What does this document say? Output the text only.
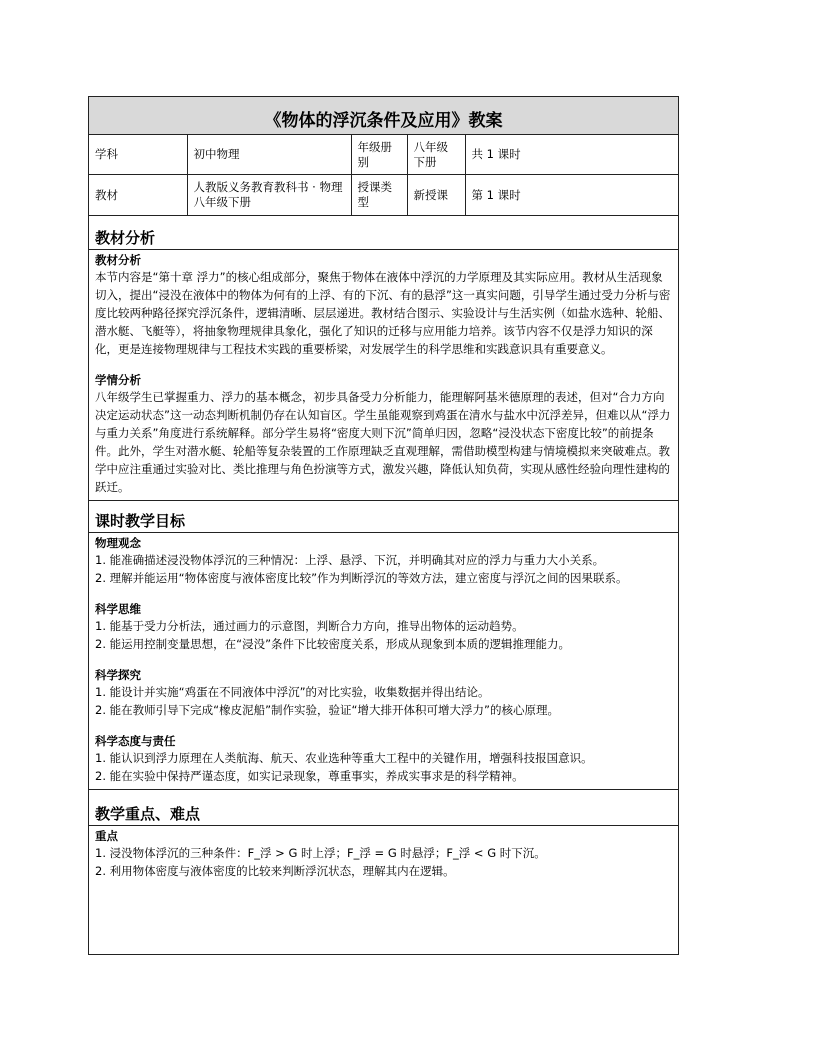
《物体的浮沉条件及应用》教案
学科	初中物理	年级册别	八年级下册	共 1 课时
教材	人教版义务教育教科书 · 物理八年级下册	授课类型	新授课	第 1 课时
教材分析
教材分析

本节内容是“第十章 浮力”的核心组成部分，聚焦于物体在液体中浮沉的力学原理及其实际应用。教材从生活现象切入，提出“浸没在液体中的物体为何有的上浮、有的下沉、有的悬浮”这一真实问题，引导学生通过受力分析与密度比较两种路径探究浮沉条件，逻辑清晰、层层递进。教材结合图示、实验设计与生活实例（如盐水选种、轮船、潜水艇、飞艇等），将抽象物理规律具象化，强化了知识的迁移与应用能力培养。该节内容不仅是浮力知识的深化，更是连接物理规律与工程技术实践的重要桥梁，对发展学生的科学思维和实践意识具有重要意义。

学情分析

八年级学生已掌握重力、浮力的基本概念，初步具备受力分析能力，能理解阿基米德原理的表述，但对“合力方向决定运动状态”这一动态判断机制仍存在认知盲区。学生虽能观察到鸡蛋在清水与盐水中沉浮差异，但难以从“浮力与重力关系”角度进行系统解释。部分学生易将“密度大则下沉”简单归因，忽略“浸没状态下密度比较”的前提条件。此外，学生对潜水艇、轮船等复杂装置的工作原理缺乏直观理解，需借助模型构建与情境模拟来突破难点。教学中应注重通过实验对比、类比推理与角色扮演等方式，激发兴趣，降低认知负荷，实现从感性经验向理性建构的跃迁。

课时教学目标
物理观念

1. 能准确描述浸没物体浮沉的三种情况：上浮、悬浮、下沉，并明确其对应的浮力与重力大小关系。

2. 理解并能运用“物体密度与液体密度比较”作为判断浮沉的等效方法，建立密度与浮沉之间的因果联系。

科学思维

1. 能基于受力分析法，通过画力的示意图，判断合力方向，推导出物体的运动趋势。

2. 能运用控制变量思想，在“浸没”条件下比较密度关系，形成从现象到本质的逻辑推理能力。

科学探究

1. 能设计并实施“鸡蛋在不同液体中浮沉”的对比实验，收集数据并得出结论。

2. 能在教师引导下完成“橡皮泥船”制作实验，验证“增大排开体积可增大浮力”的核心原理。

科学态度与责任

1. 能认识到浮力原理在人类航海、航天、农业选种等重大工程中的关键作用，增强科技报国意识。

2. 能在实验中保持严谨态度，如实记录现象，尊重事实，养成实事求是的科学精神。

教学重点、难点
重点

1. 浸没物体浮沉的三种条件：F_浮 > G 时上浮；F_浮 = G 时悬浮；F_浮 < G 时下沉。

2. 利用物体密度与液体密度的比较来判断浮沉状态，理解其内在逻辑。
